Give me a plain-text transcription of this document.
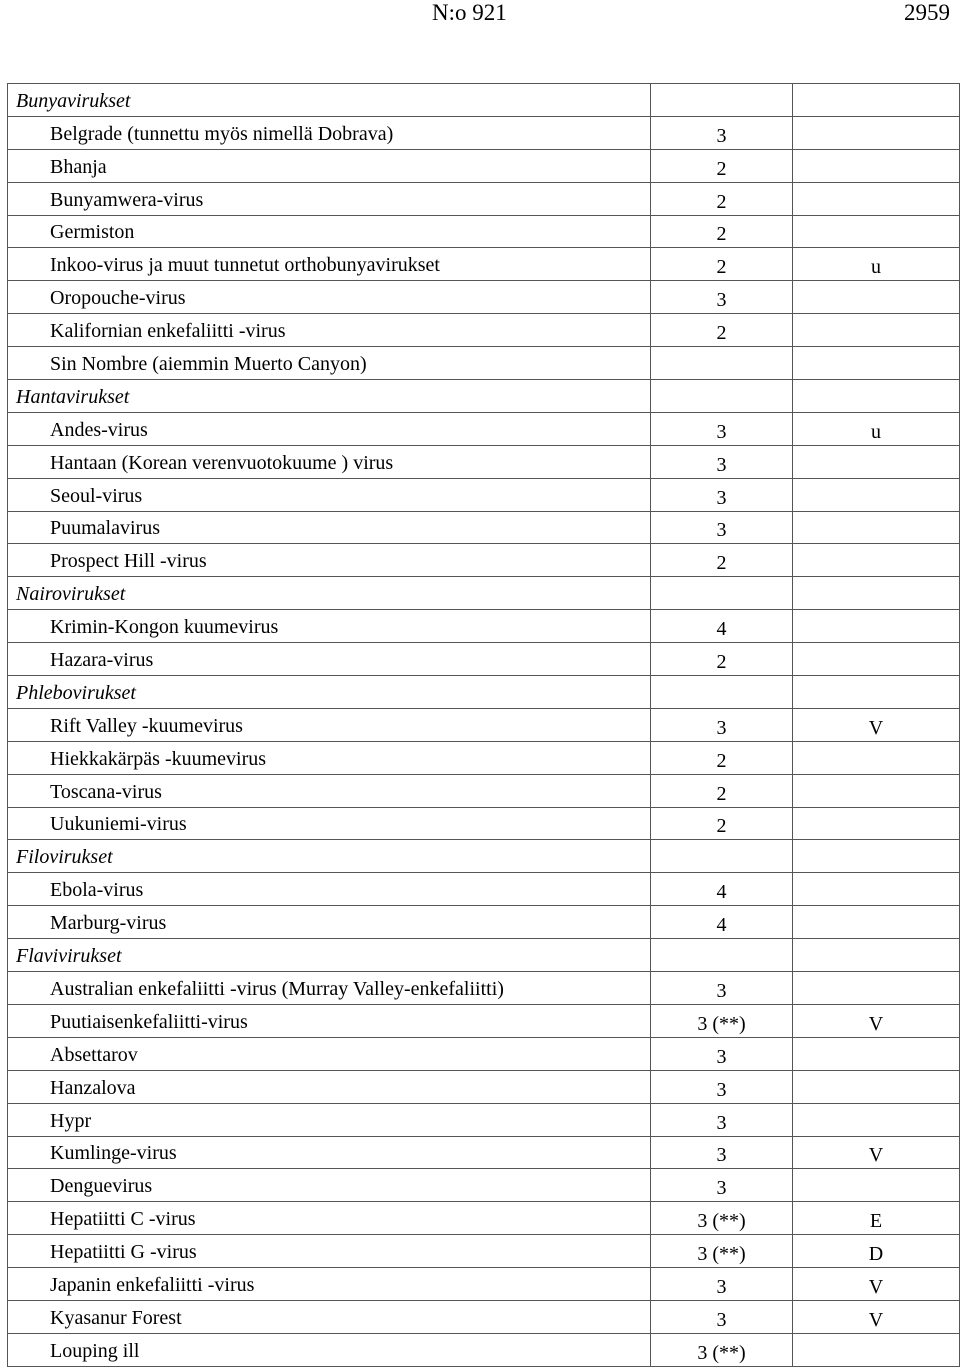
N:o 921	2959
Bunyavirukset		
Belgrade (tunnettu myös nimellä Dobrava)	3	
Bhanja	2	
Bunyamwera-virus	2	
Germiston	2	
Inkoo-virus ja muut tunnetut orthobunyavirukset	2	u
Oropouche-virus	3	
Kalifornian enkefaliitti -virus	2	
Sin Nombre (aiemmin Muerto Canyon)		
Hantavirukset		
Andes-virus	3	u
Hantaan (Korean verenvuotokuume ) virus	3	
Seoul-virus	3	
Puumalavirus	3	
Prospect Hill -virus	2	
Nairovirukset		
Krimin-Kongon kuumevirus	4	
Hazara-virus	2	
Phlebovirukset		
Rift Valley -kuumevirus	3	V
Hiekkakärpäs -kuumevirus	2	
Toscana-virus	2	
Uukuniemi-virus	2	
Filovirukset		
Ebola-virus	4	
Marburg-virus	4	
Flavivirukset		
Australian enkefaliitti -virus (Murray Valley-enkefaliitti)	3	
Puutiaisenkefaliitti-virus	3 (**)	V
Absettarov	3	
Hanzalova	3	
Hypr	3	
Kumlinge-virus	3	V
Denguevirus	3	
Hepatiitti C -virus	3 (**)	E
Hepatiitti G -virus	3 (**)	D
Japanin enkefaliitti -virus	3	V
Kyasanur Forest	3	V
Louping ill	3 (**)	
